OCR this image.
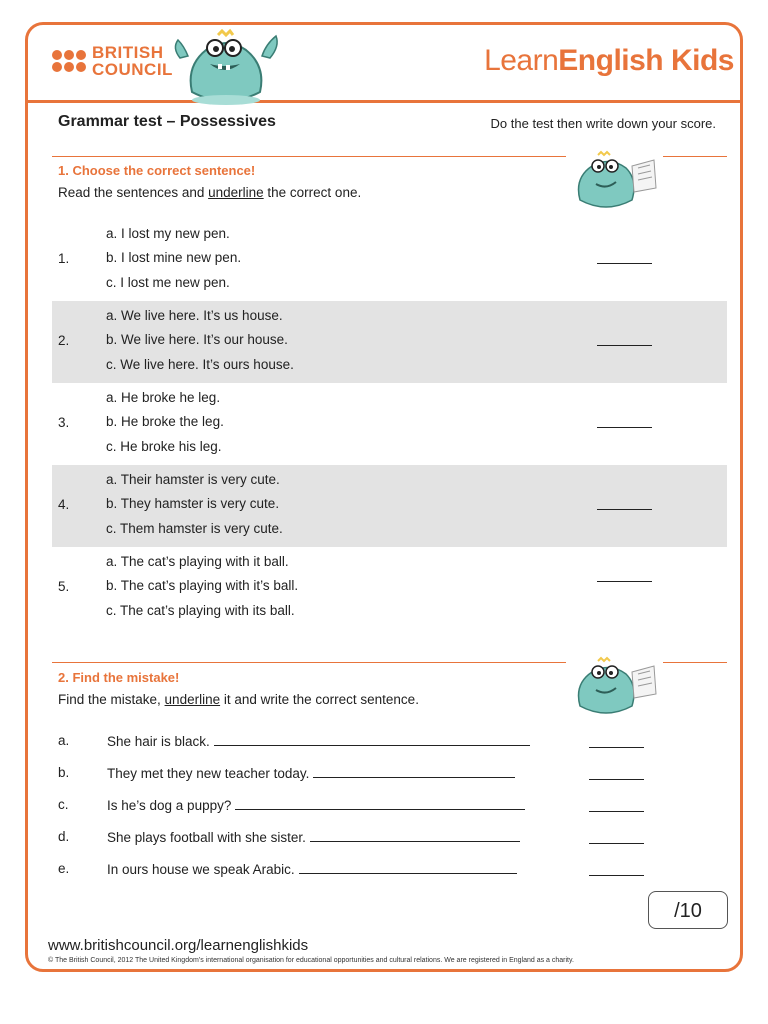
BRITISH
COUNCIL	LearnEnglish Kids
Grammar test – Possessives	Do the test then write down your score.
1. Choose the correct sentence!
Read the sentences and underline the correct one.
1.
a. I lost my new pen.
b. I lost mine new pen.
c. I lost me new pen.
2.
a. We live here. It’s us house.
b. We live here. It’s our house.
c. We live here. It’s ours house.
3.
a. He broke he leg.
b. He broke the leg.
c. He broke his leg.
4.
a. Their hamster is very cute.
b. They hamster is very cute.
c. Them hamster is very cute.
5.
a. The cat’s playing with it ball.
b. The cat’s playing with it’s ball.
c. The cat’s playing with its ball.
2. Find the mistake!
Find the mistake, underline it and write the correct sentence.
a.	She hair is black.
b.	They met they new teacher today.
c.	Is he’s dog a puppy?
d.	She plays football with she sister.
e.	In ours house we speak Arabic.
/10
www.britishcouncil.org/learnenglishkids
© The British Council, 2012 The United Kingdom’s international organisation for educational opportunities and cultural relations. We are registered in England as a charity.
